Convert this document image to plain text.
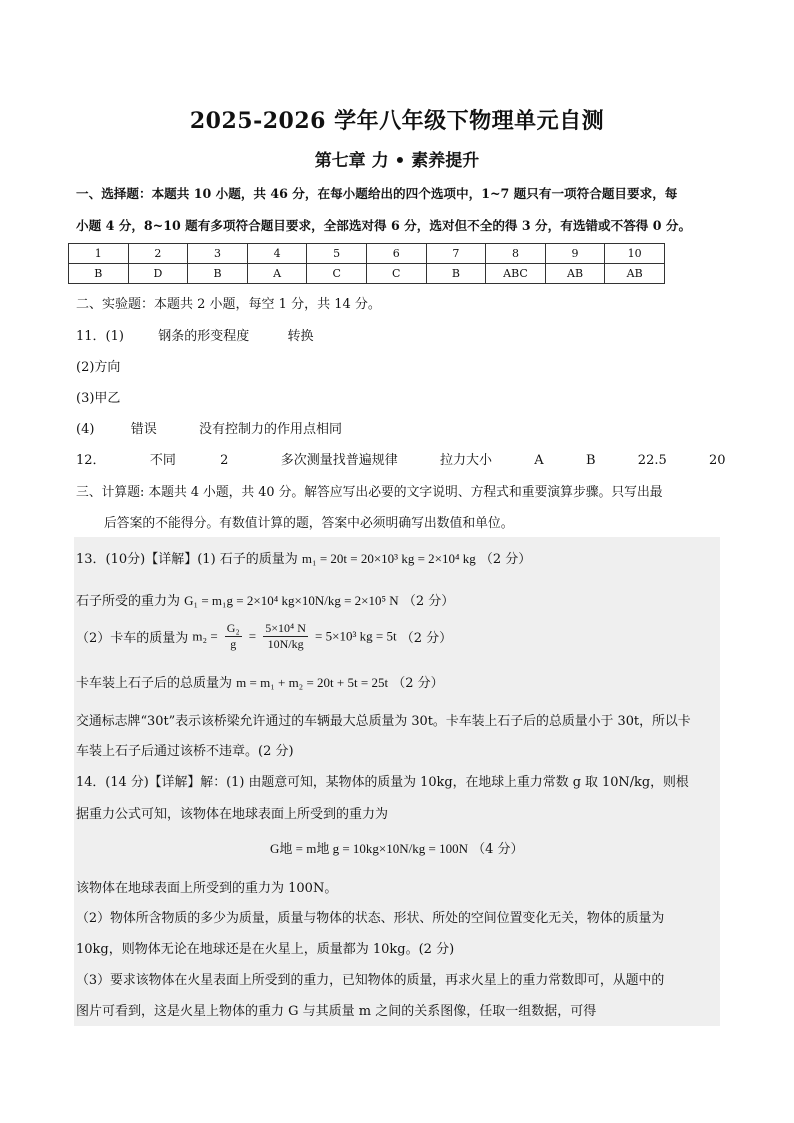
2025-2026 学年八年级下物理单元自测
第七章 力 • 素养提升
一、选择题：本题共 10 小题，共 46 分，在每小题给出的四个选项中，1~7 题只有一项符合题目要求，每
小题 4 分，8~10 题有多项符合题目要求，全部选对得 6 分，选对但不全的得 3 分，有选错或不答得 0 分。
1	2	3	4	5	6	7	8	9	10
B	D	B	A	C	C	B	ABC	AB	AB
二、实验题：本题共 2 小题，每空 1 分，共 14 分。
11．(1)	钢条的形变程度	转换
(2)方向
(3)甲乙
(4)	错误	没有控制力的作用点相同
12．	不同	2	多次测量找普遍规律	拉力大小	A	B	22.5	20
三、计算题: 本题共 4 小题，共 40 分。解答应写出必要的文字说明、方程式和重要演算步骤。只写出最
后答案的不能得分。有数值计算的题，答案中必须明确写出数值和单位。
13．(10分)【详解】(1) 石子的质量为 m₁ = 20t = 20×10³ kg = 2×10⁴ kg （2 分）
石子所受的重力为 G₁ = m₁g = 2×10⁴ kg×10N/kg = 2×10⁵ N （2 分）
（2）卡车的质量为 $m_2 = \frac{\text{G₂}}{g} = \frac{\text{5×10⁴ N}}{10N/kg} = 5\times 10^3$ kg = 5t （2 分）
卡车装上石子后的总质量为 m = m₁ + m₂ = 20t + 5t = 25t （2 分）
交通标志牌“30t”表示该桥梁允许通过的车辆最大总质量为 30t。卡车装上石子后的总质量小于 30t，所以卡
车装上石子后通过该桥不违章。(2 分)
14．(14 分)【详解】解：(1) 由题意可知，某物体的质量为 10kg，在地球上重力常数 g 取 10N/kg，则根
据重力公式可知，该物体在地球表面上所受到的重力为
G地 = m地 g = 10kg×10N/kg = 100N （4 分）
该物体在地球表面上所受到的重力为 100N。
（2）物体所含物质的多少为质量，质量与物体的状态、形状、所处的空间位置变化无关，物体的质量为
10kg，则物体无论在地球还是在火星上，质量都为 10kg。(2 分)
（3）要求该物体在火星表面上所受到的重力，已知物体的质量，再求火星上的重力常数即可，从题中的
图片可看到，这是火星上物体的重力 G 与其质量 m 之间的关系图像，任取一组数据，可得
